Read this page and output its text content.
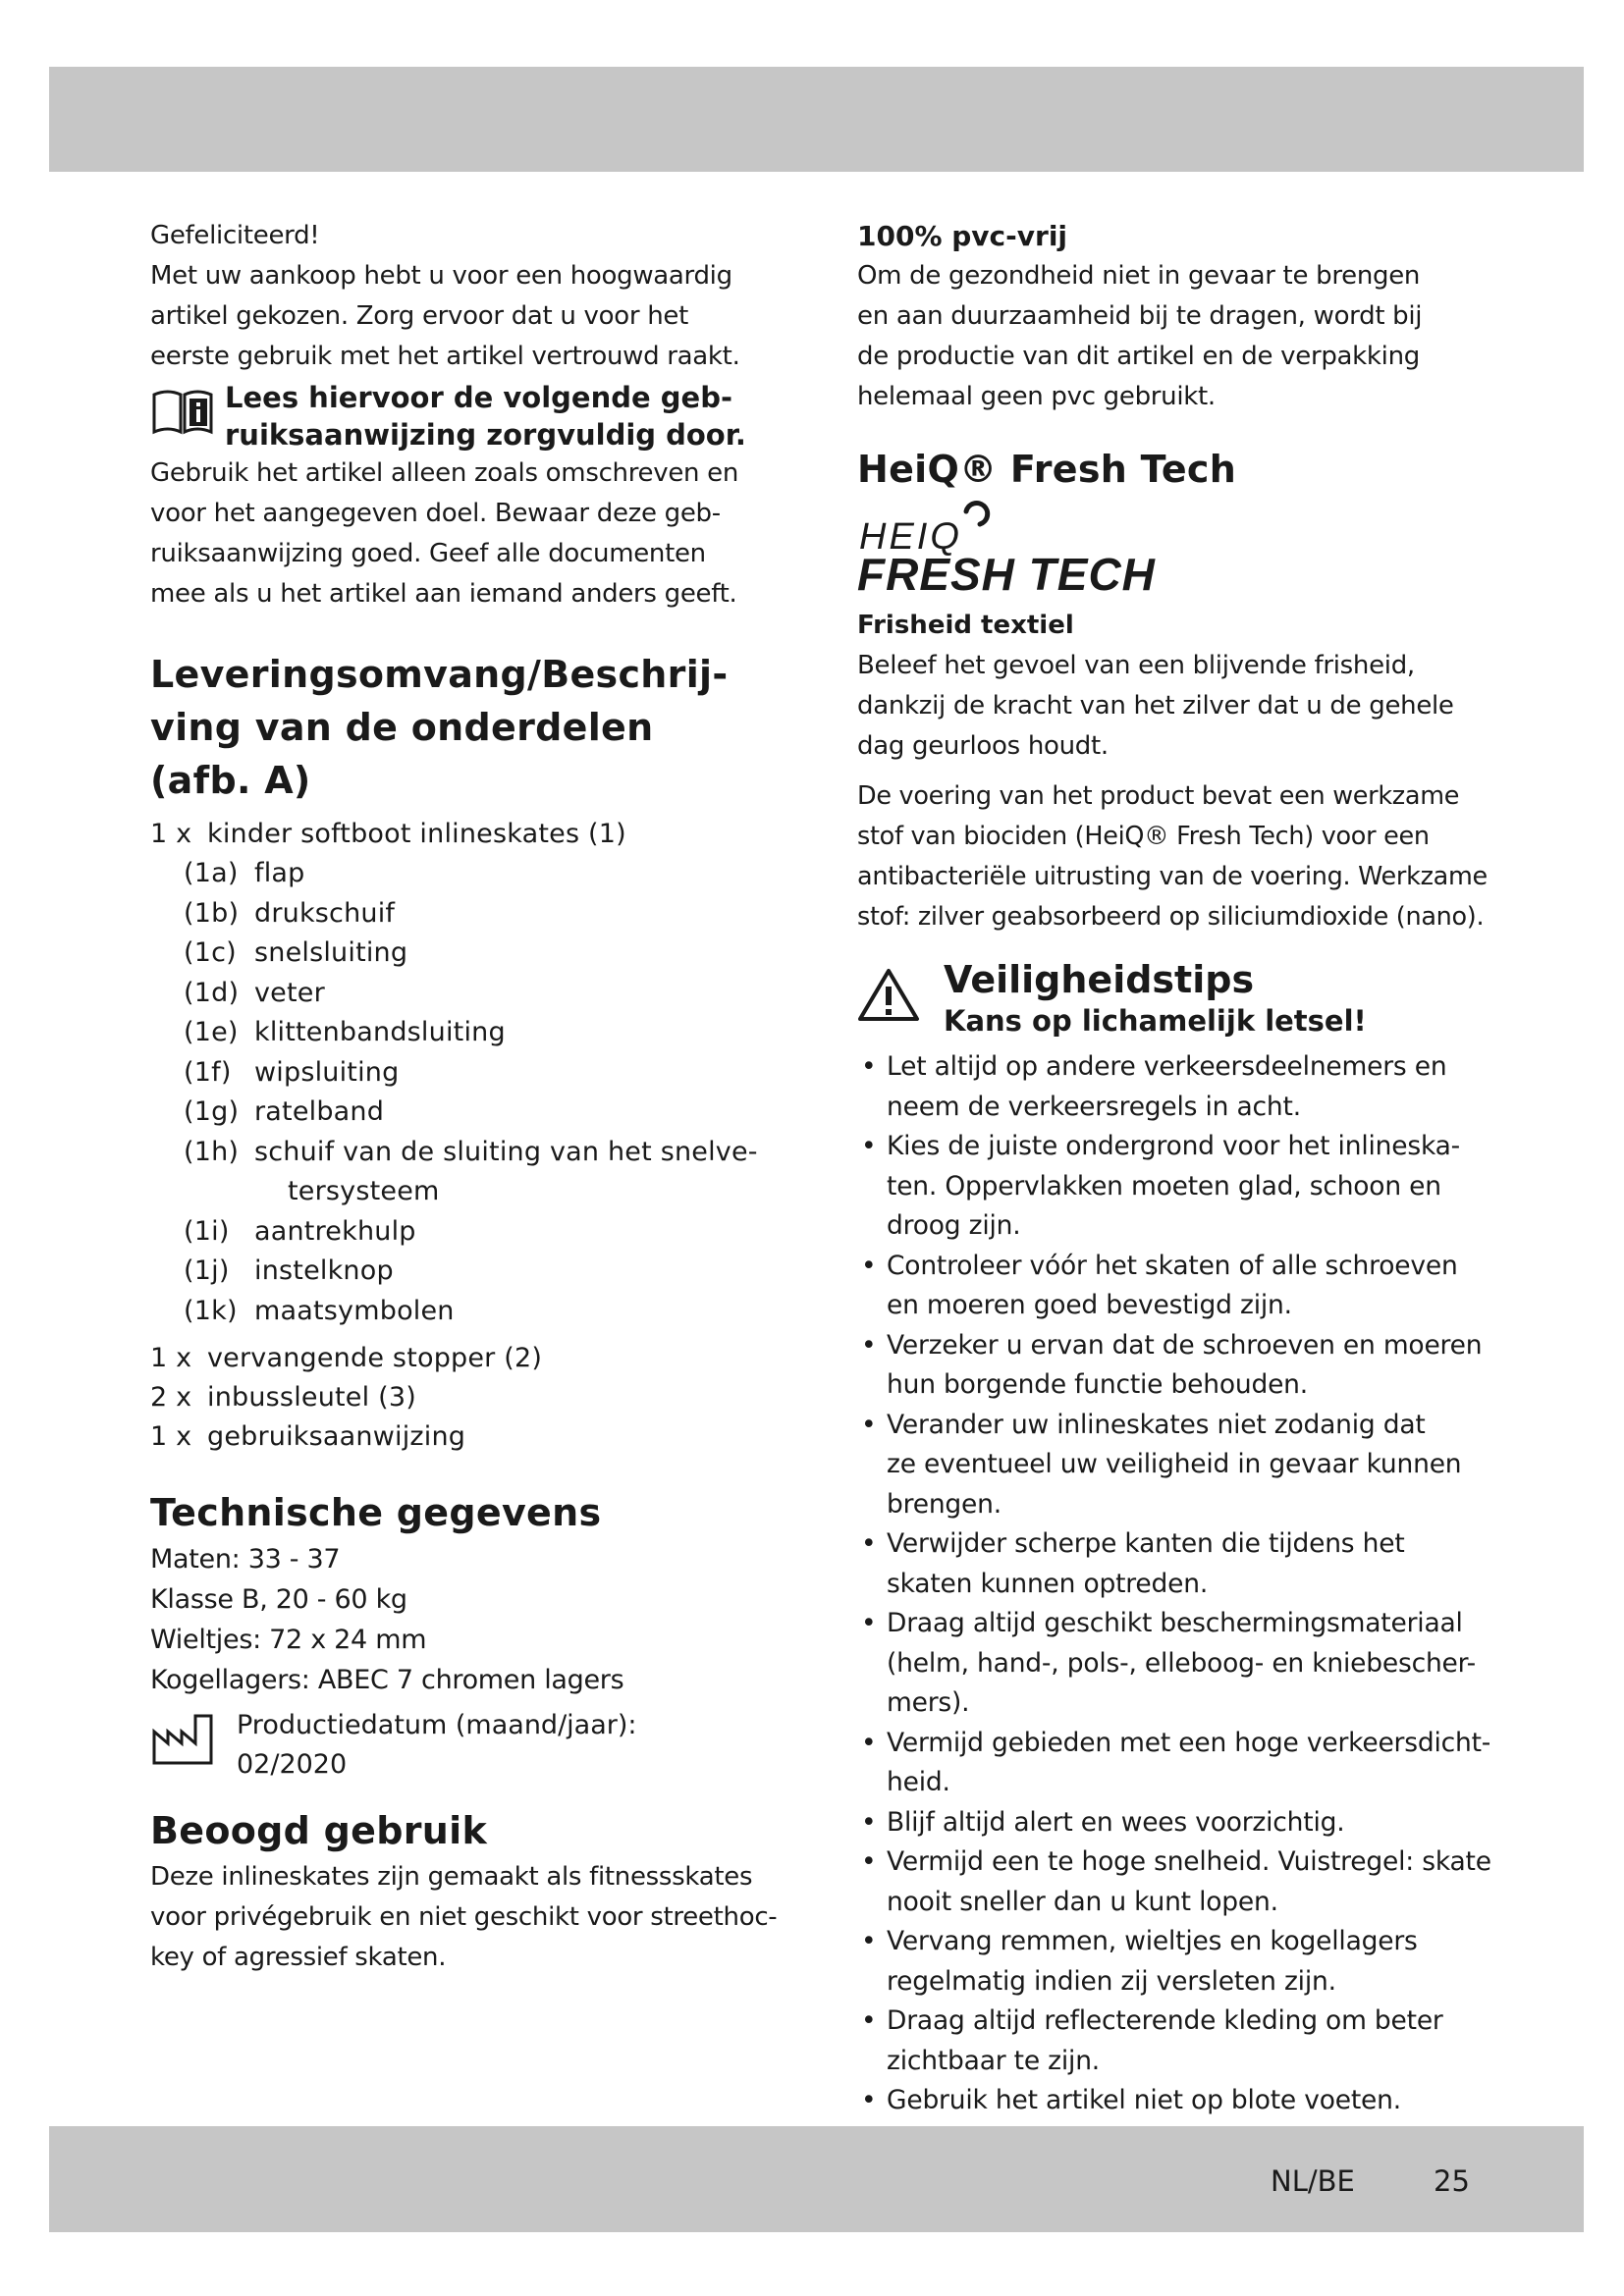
Gefeliciteerd!

Met uw aankoop hebt u voor een hoogwaardig

artikel gekozen. Zorg ervoor dat u voor het

eerste gebruik met het artikel vertrouwd raakt.

Lees hiervoor de volgende geb-
ruiksaanwijzing zorgvuldig door.

Gebruik het artikel alleen zoals omschreven en

voor het aangegeven doel. Bewaar deze geb-

ruiksaanwijzing goed. Geef alle documenten

mee als u het artikel aan iemand anders geeft.

Leveringsomvang/Beschrij-
ving van de onderdelen
(afb. A)
1 x kinder softboot inlineskates (1)
(1a) flap
(1b) drukschuif
(1c) snelsluiting
(1d) veter
(1e) klittenbandsluiting
(1f) wipsluiting
(1g) ratelband
(1h) schuif van de sluiting van het snelve-
tersysteem
(1i) aantrekhulp
(1j) instelknop
(1k) maatsymbolen
1 x vervangende stopper (2)
2 x inbussleutel (3)
1 x gebruiksaanwijzing
Technische gegevens

Maten: 33 - 37

Klasse B, 20 - 60 kg

Wieltjes: 72 x 24 mm

Kogellagers: ABEC 7 chromen lagers

Productiedatum (maand/jaar):
02/2020
Beoogd gebruik

Deze inlineskates zijn gemaakt als fitnessskates

voor privégebruik en niet geschikt voor streethoc-

key of agressief skaten.

100% pvc-vrij

Om de gezondheid niet in gevaar te brengen

en aan duurzaamheid bij te dragen, wordt bij

de productie van dit artikel en de verpakking

helemaal geen pvc gebruikt.

HeiQ® Fresh Tech
HEIQ
FRESH TECH

Frisheid textiel

Beleef het gevoel van een blijvende frisheid,

dankzij de kracht van het zilver dat u de gehele

dag geurloos houdt.

De voering van het product bevat een werkzame

stof van biociden (HeiQ® Fresh Tech) voor een

antibacteriële uitrusting van de voering. Werkzame

stof: zilver geabsorbeerd op siliciumdioxide (nano).

Veiligheidstips
Kans op lichamelijk letsel!
• Let altijd op andere verkeersdeelnemers en
neem de verkeersregels in acht.
• Kies de juiste ondergrond voor het inlineska-
ten. Oppervlakken moeten glad, schoon en
droog zijn.
• Controleer vóór het skaten of alle schroeven
en moeren goed bevestigd zijn.
• Verzeker u ervan dat de schroeven en moeren
hun borgende functie behouden.
• Verander uw inlineskates niet zodanig dat
ze eventueel uw veiligheid in gevaar kunnen
brengen.
• Verwijder scherpe kanten die tijdens het
skaten kunnen optreden.
• Draag altijd geschikt beschermingsmateriaal
(helm, hand-, pols-, elleboog- en kniebescher-
mers).
• Vermijd gebieden met een hoge verkeersdicht-
heid.
• Blijf altijd alert en wees voorzichtig.
• Vermijd een te hoge snelheid. Vuistregel: skate
nooit sneller dan u kunt lopen.
• Vervang remmen, wieltjes en kogellagers
regelmatig indien zij versleten zijn.
• Draag altijd reflecterende kleding om beter
zichtbaar te zijn.
• Gebruik het artikel niet op blote voeten.
NL/BE	25
